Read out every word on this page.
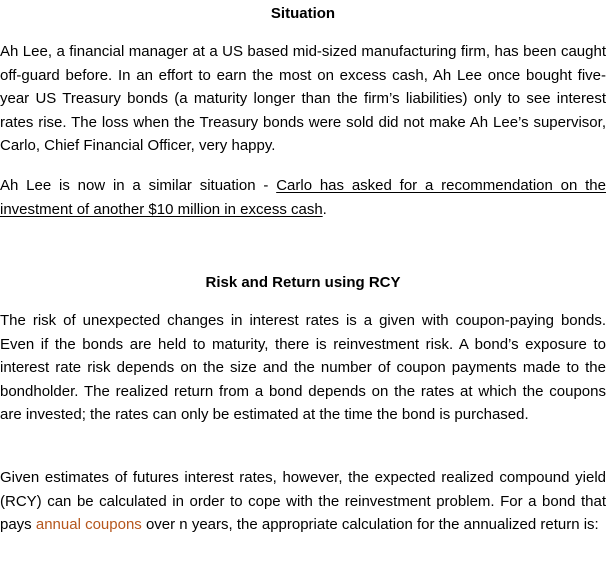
Situation

Ah Lee, a financial manager at a US based mid-sized manufacturing firm, has been caught off-guard before. In an effort to earn the most on excess cash, Ah Lee once bought five-year US Treasury bonds (a maturity longer than the firm’s liabilities) only to see interest rates rise. The loss when the Treasury bonds were sold did not make Ah Lee’s supervisor, Carlo, Chief Financial Officer, very happy.

Ah Lee is now in a similar situation - Carlo has asked for a recommendation on the investment of another $10 million in excess cash.

Risk and Return using RCY

The risk of unexpected changes in interest rates is a given with coupon-paying bonds. Even if the bonds are held to maturity, there is reinvestment risk. A bond’s exposure to interest rate risk depends on the size and the number of coupon payments made to the bondholder. The realized return from a bond depends on the rates at which the coupons are invested; the rates can only be estimated at the time the bond is purchased.

Given estimates of futures interest rates, however, the expected realized compound yield (RCY) can be calculated in order to cope with the reinvestment problem. For a bond that pays annual coupons over n years, the appropriate calculation for the annualized return is:
